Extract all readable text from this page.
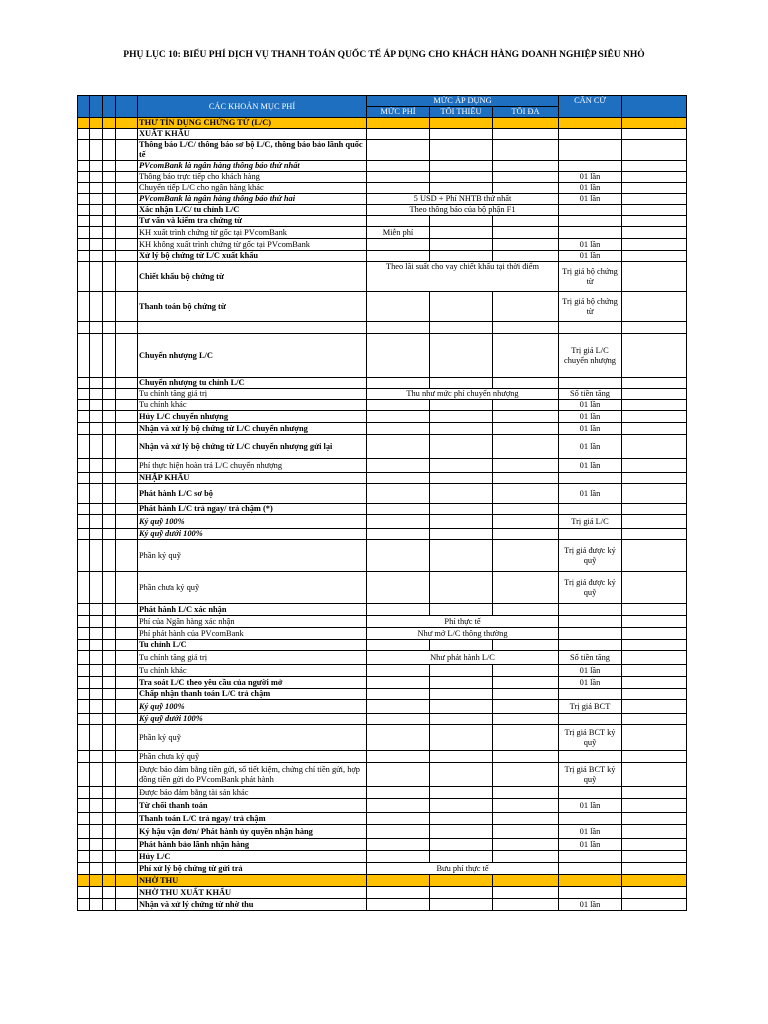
PHỤ LỤC 10: BIỂU PHÍ DỊCH VỤ THANH TOÁN QUỐC TẾ ÁP DỤNG CHO KHÁCH HÀNG DOANH NGHIỆP SIÊU NHỎ
				CÁC KHOẢN MỤC PHÍ	MỨC ÁP DỤNG			CĂN CỨ	
					MỨC PHÍ	TỐI THIỂU	TỐI ĐA		
				THƯ TÍN DỤNG CHỨNG TỪ (L/C)					
				XUẤT KHẨU					
				Thông báo L/C/ thông báo sơ bộ L/C, thông báo bảo lãnh quốc tế					
				PVcomBank là ngân hàng thông báo thứ nhất					
				Thông báo trực tiếp cho khách hàng				01 lần	
				Chuyển tiếp L/C cho ngân hàng khác				01 lần	
				PVcomBank là ngân hàng thông báo thứ hai	5 USD + Phí NHTB thứ nhất			01 lần	
				Xác nhận L/C/ tu chỉnh L/C	Theo thông báo của bộ phận F1				
				Tư vấn và kiểm tra chứng từ					
				KH xuất trình chứng từ gốc tại PVcomBank	Miễn phí				
				KH không xuất trình chứng từ gốc tại PVcomBank				01 lần	
				Xử lý bộ chứng từ L/C xuất khẩu				01 lần	
				Chiết khấu bộ chứng từ	Theo lãi suất cho vay chiết khấu tại thời điểm			Trị giá bộ chứng từ	
				Thanh toán bộ chứng từ				Trị giá bộ chứng từ	

				Chuyển nhượng L/C				Trị giá L/C chuyển nhượng	
				Chuyển nhượng tu chỉnh L/C					
				Tu chỉnh tăng giá trị	Thu như mức phí chuyển nhượng			Số tiền tăng	
				Tu chỉnh khác				01 lần	
				Hủy L/C chuyển nhượng				01 lần	
				Nhận và xử lý bộ chứng từ L/C chuyển nhượng				01 lần	
				Nhận và xử lý bộ chứng từ L/C chuyển nhượng gửi lại				01 lần	
				Phí thực hiện hoàn trả L/C chuyển nhượng				01 lần	
				NHẬP KHẨU					
				Phát hành L/C sơ bộ				01 lần	
				Phát hành L/C trả ngay/ trả chậm (*)					
				Ký quỹ 100%				Trị giá L/C	
				Ký quỹ dưới 100%					
				Phần ký quỹ				Trị giá được ký quỹ	
				Phần chưa ký quỹ				Trị giá được ký quỹ	
				Phát hành L/C xác nhận					
				Phí của Ngân hàng xác nhận	Phí thực tế				
				Phí phát hành của PVcomBank	Như mở L/C thông thường				
				Tu chỉnh L/C					
				Tu chỉnh tăng giá trị	Như phát hành L/C			Số tiền tăng	
				Tu chỉnh khác				01 lần	
				Tra soát L/C theo yêu cầu của người mở				01 lần	
				Chấp nhận thanh toán L/C trả chậm					
				Ký quỹ 100%				Trị giá BCT	
				Ký quỹ dưới 100%					
				Phần ký quỹ				Trị giá BCT ký quỹ	
				Phần chưa ký quỹ					
				Được bảo đảm bằng tiền gửi, sổ tiết kiệm, chứng chỉ tiền gửi, hợp đồng tiền gửi do PVcomBank phát hành				Trị giá BCT ký quỹ	
				Được bảo đảm bằng tài sản khác					
				Từ chối thanh toán				01 lần	
				Thanh toán L/C trả ngay/ trả chậm					
				Ký hậu vận đơn/ Phát hành ủy quyền nhận hàng				01 lần	
				Phát hành bảo lãnh nhận hàng				01 lần	
				Hủy L/C					
				Phí xử lý bộ chứng từ gửi trả	Bưu phí thực tế				
				NHỜ THU					
				NHỜ THU XUẤT KHẨU					
				Nhận và xử lý chứng từ nhờ thu				01 lần	
